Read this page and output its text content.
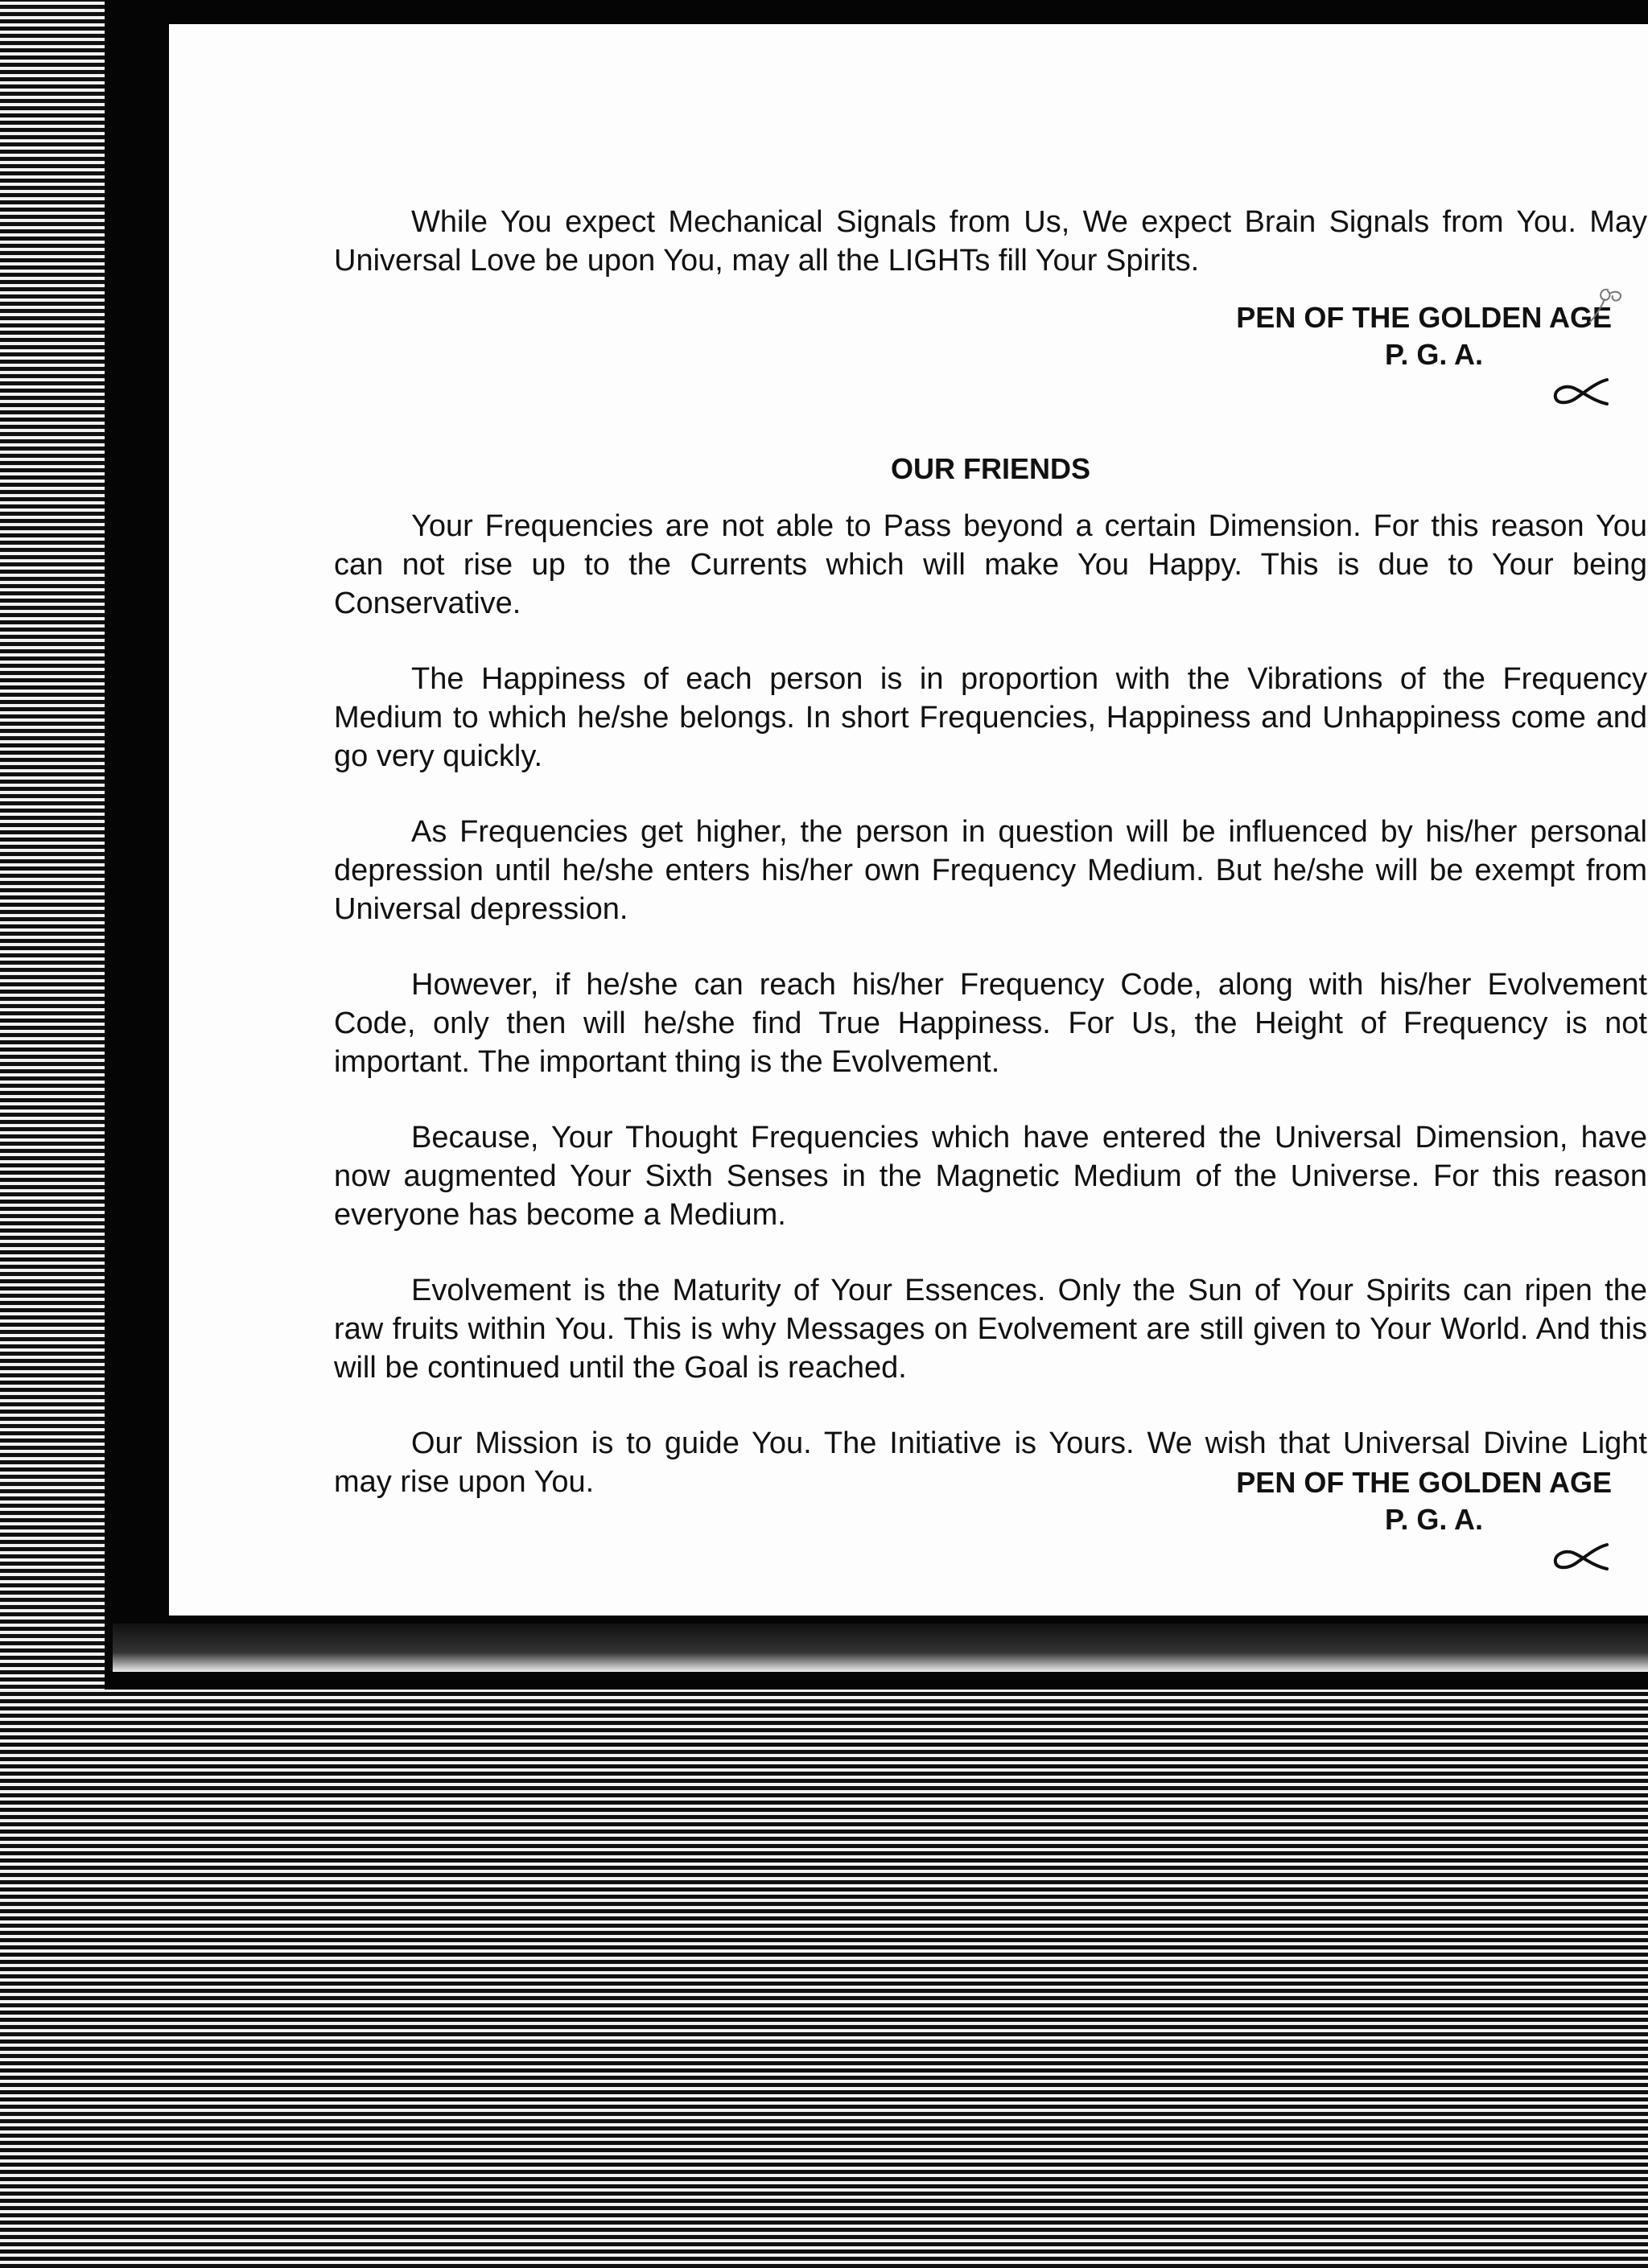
While You expect Mechanical Signals from Us, We expect Brain Signals from You. May Universal Love be upon You, may all the LIGHTs fill Your Spirits.

PEN OF THE GOLDEN AGE
P. G. A.
OUR FRIENDS

Your Frequencies are not able to Pass beyond a certain Dimension. For this reason You can not rise up to the Currents which will make You Happy. This is due to Your being Conservative.

The Happiness of each person is in proportion with the Vibrations of the Frequency Medium to which he/she belongs. In short Frequencies, Happiness and Unhappiness come and go very quickly.

As Frequencies get higher, the person in question will be influenced by his/her personal depression until he/she enters his/her own Frequency Medium. But he/she will be exempt from Universal depression.

However, if he/she can reach his/her Frequency Code, along with his/her Evolvement Code, only then will he/she find True Happiness. For Us, the Height of Frequency is not important. The important thing is the Evolvement.

Because, Your Thought Frequencies which have entered the Universal Dimension, have now augmented Your Sixth Senses in the Magnetic Medium of the Universe. For this reason everyone has become a Medium.

Evolvement is the Maturity of Your Essences. Only the Sun of Your Spirits can ripen the raw fruits within You. This is why Messages on Evolvement are still given to Your World. And this will be continued until the Goal is reached.

Our Mission is to guide You. The Initiative is Yours. We wish that Universal Divine Light may rise upon You.	PEN OF THE GOLDEN AGE
P. G. A.
